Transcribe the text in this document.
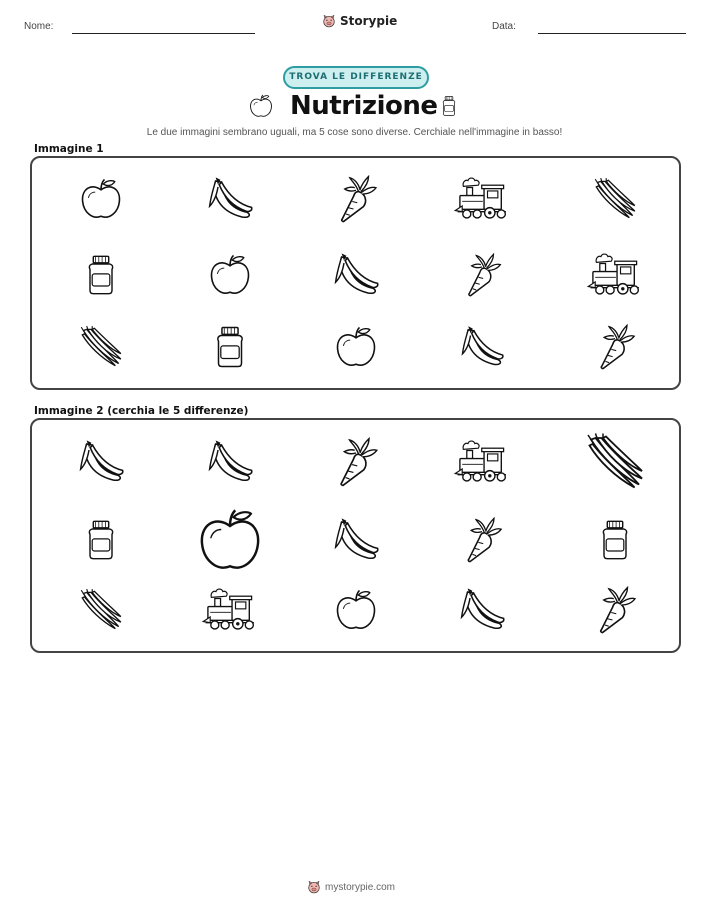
Nome:	Storypie	Data:
TROVA LE DIFFERENZE
Nutrizione
Le due immagini sembrano uguali, ma 5 cose sono diverse. Cerchiale nell'immagine in basso!
Immagine 1
Immagine 2 (cerchia le 5 differenze)
mystorypie.com
